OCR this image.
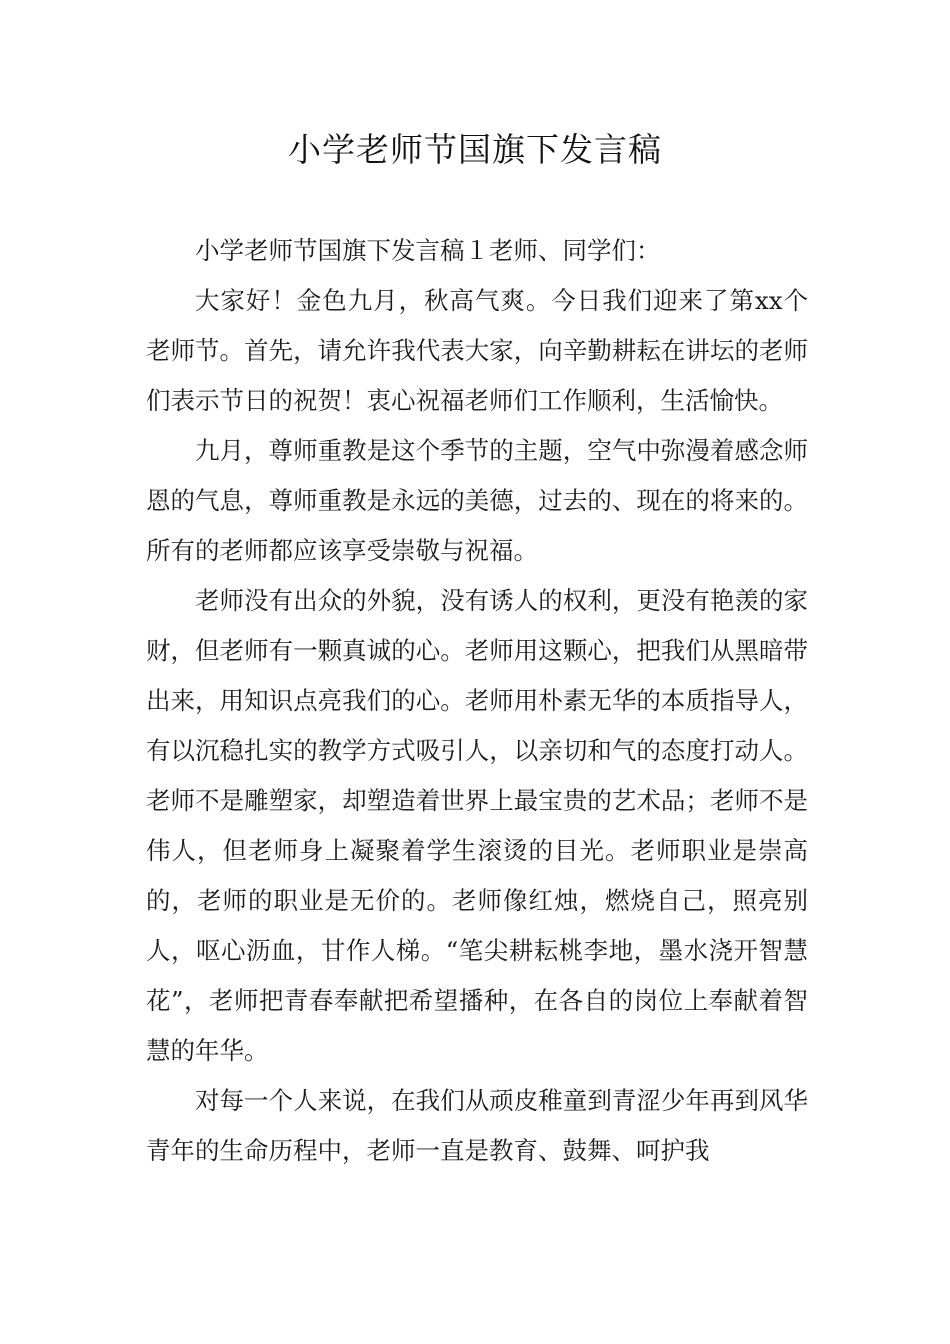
小学老师节国旗下发言稿

小学老师节国旗下发言稿１老师、同学们：

大家好！金色九月，秋高气爽。今日我们迎来了第xx个老师节。首先，请允许我代表大家，向辛勤耕耘在讲坛的老师们表示节日的祝贺！衷心祝福老师们工作顺利，生活愉快。

九月，尊师重教是这个季节的主题，空气中弥漫着感念师恩的气息，尊师重教是永远的美德，过去的、现在的将来的。所有的老师都应该享受崇敬与祝福。

老师没有出众的外貌，没有诱人的权利，更没有艳羡的家财，但老师有一颗真诚的心。老师用这颗心，把我们从黑暗带出来，用知识点亮我们的心。老师用朴素无华的本质指导人，有以沉稳扎实的教学方式吸引人，以亲切和气的态度打动人。老师不是雕塑家，却塑造着世界上最宝贵的艺术品；老师不是伟人，但老师身上凝聚着学生滚烫的目光。老师职业是崇高的，老师的职业是无价的。老师像红烛，燃烧自己，照亮别人，呕心沥血，甘作人梯。“笔尖耕耘桃李地，墨水浇开智慧花”，老师把青春奉献把希望播种，在各自的岗位上奉献着智慧的年华。

对每一个人来说，在我们从顽皮稚童到青涩少年再到风华青年的生命历程中，老师一直是教育、鼓舞、呵护我
